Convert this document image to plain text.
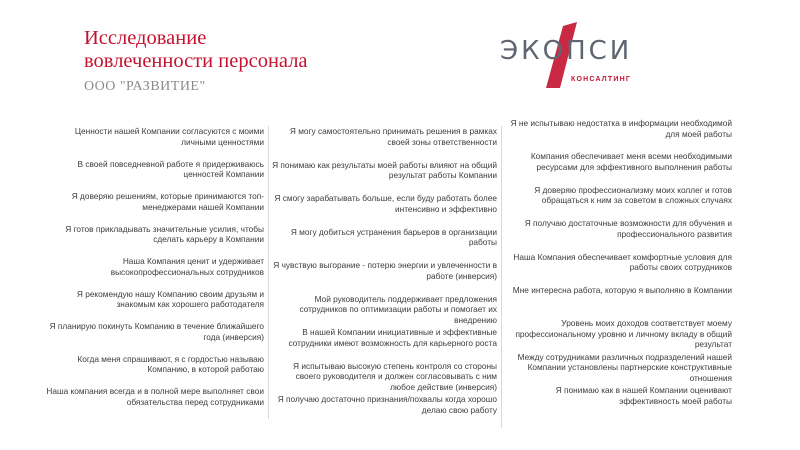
Исследование
вовлеченности персонала

ООО "РАЗВИТИЕ"

ЭКОПСИ
КОНСАЛТИНГ
Ценности нашей Компании согласуются с моими личными ценностями
В своей повседневной работе я придерживаюсь ценностей Компании
Я доверяю решениям, которые принимаются топ-менеджерами нашей Компании
Я готов прикладывать значительные усилия, чтобы сделать карьеру в Компании
Наша Компания ценит и удерживает высокопрофессиональных сотрудников
Я рекомендую нашу Компанию своим друзьям и знакомым как хорошего работодателя
Я планирую покинуть Компанию в течение ближайшего года (инверсия)
Когда меня спрашивают, я с гордостью называю Компанию, в которой работаю
Наша компания всегда и в полной мере выполняет свои обязательства перед сотрудниками
Я могу самостоятельно принимать решения в рамках своей зоны ответственности
Я понимаю как результаты моей работы влияют на общий результат работы Компании
Я смогу зарабатывать больше, если буду работать более интенсивно и эффективно
Я могу добиться устранения барьеров в организации работы
Я чувствую выгорание - потерю энергии и увлеченности в работе (инверсия)
Мой руководитель поддерживает предложения сотрудников по оптимизации работы и помогает их внедрению
В нашей Компании инициативные и эффективные сотрудники имеют возможность для карьерного роста
Я испытываю высокую степень контроля со стороны своего руководителя и должен согласовывать с ним любое действие (инверсия)
Я получаю достаточно признания/похвалы когда хорошо делаю свою работу
Я не испытываю недостатка в информации необходимой для моей работы
Компания обеспечивает меня всеми необходимыми ресурсами для эффективного выполнения работы
Я доверяю профессионализму моих коллег и готов обращаться к ним за советом в сложных случаях
Я получаю достаточные возможности для обучения и профессионального развития
Наша Компания обеспечивает комфортные условия для работы своих сотрудников
Мне интересна работа, которую я выполняю в Компании
Уровень моих доходов соответствует моему профессиональному уровню и личному вкладу в общий результат
Между сотрудниками различных подразделений нашей Компании установлены партнерские конструктивные отношения
Я понимаю как в нашей Компании оценивают эффективность моей работы
